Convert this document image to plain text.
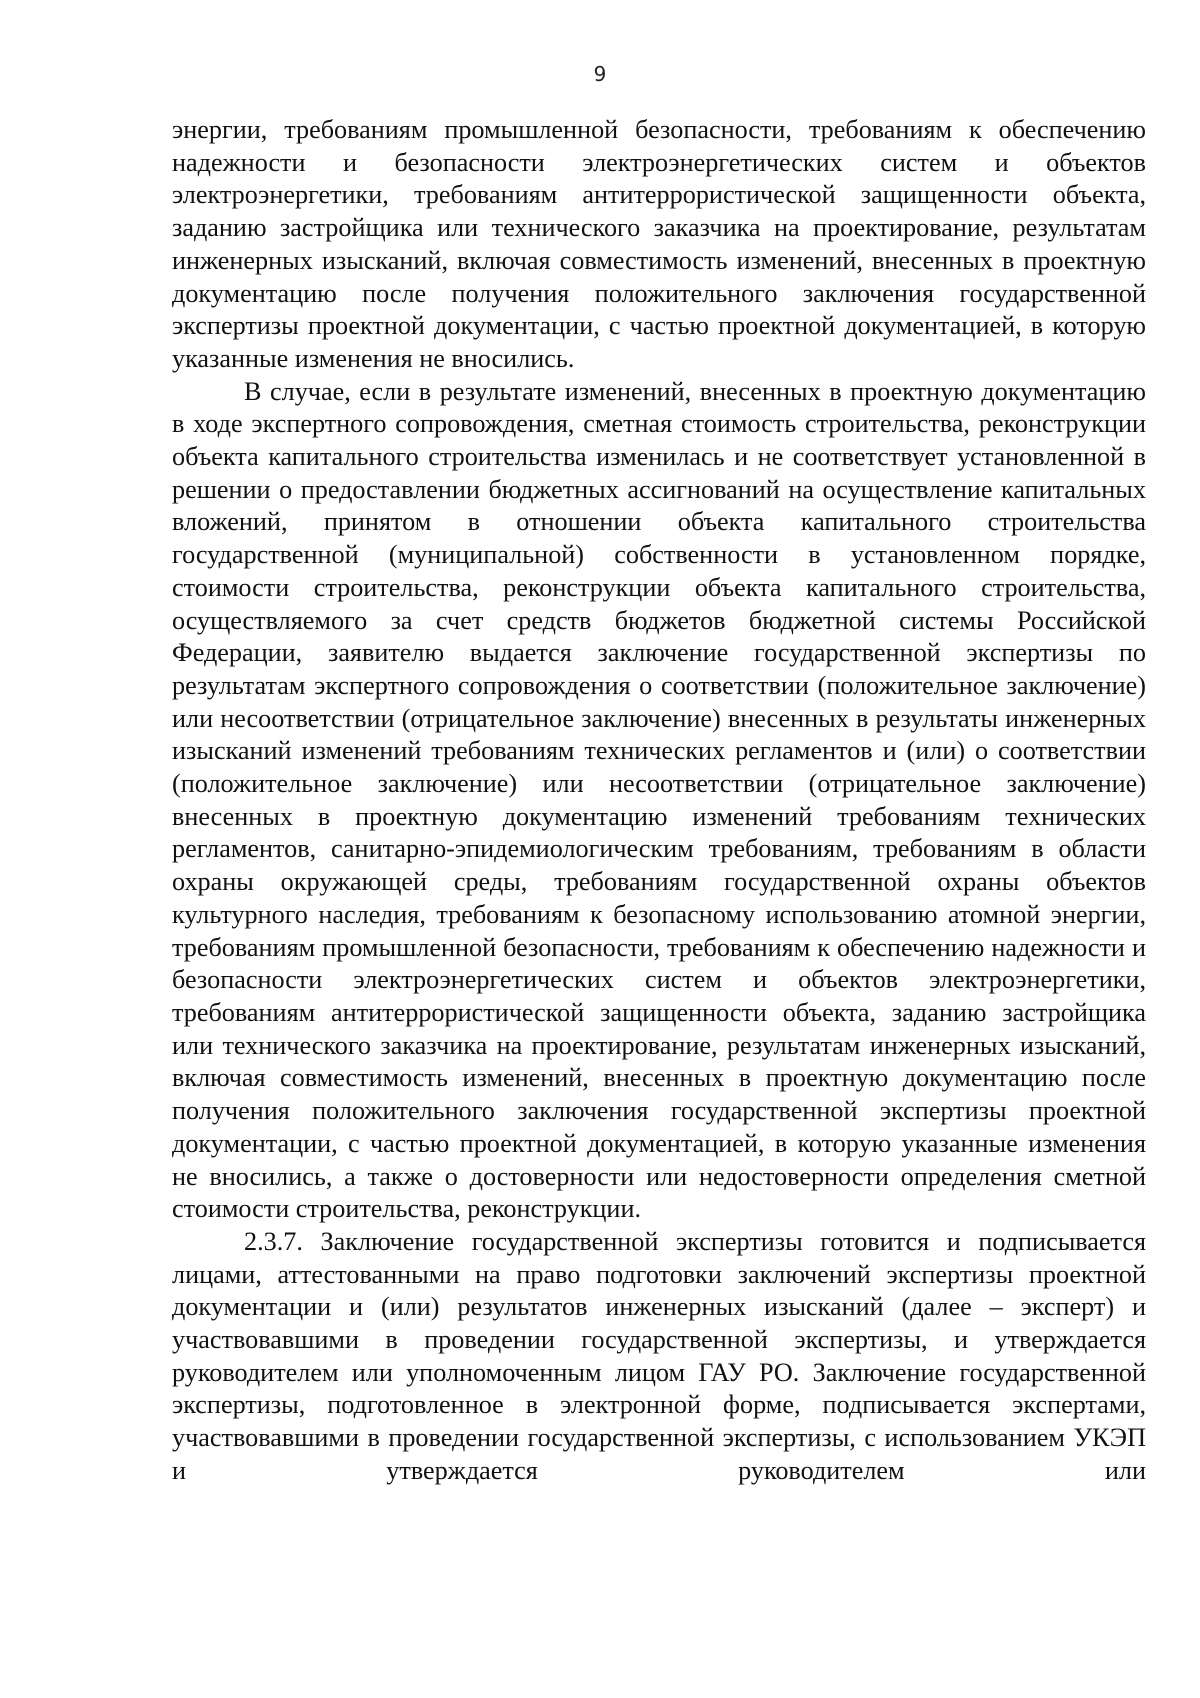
9

энергии, требованиям промышленной безопасности, требованиям к обеспечению надежности и безопасности электроэнергетических систем и объектов электроэнергетики, требованиям антитеррористической защищенности объекта, заданию застройщика или технического заказчика на проектирование, результатам инженерных изысканий, включая совместимость изменений, внесенных в проектную документацию после получения положительного заключения государственной экспертизы проектной документации, с частью проектной документацией, в которую указанные изменения не вносились.

В случае, если в результате изменений, внесенных в проектную документацию в ходе экспертного сопровождения, сметная стоимость строительства, реконструкции объекта капитального строительства изменилась и не соответствует установленной в решении о предоставлении бюджетных ассигнований на осуществление капитальных вложений, принятом в отношении объекта капитального строительства государственной (муниципальной) собственности в установленном порядке, стоимости строительства, реконструкции объекта капитального строительства, осуществляемого за счет средств бюджетов бюджетной системы Российской Федерации, заявителю выдается заключение государственной экспертизы по результатам экспертного сопровождения о соответствии (положительное заключение) или несоответствии (отрицательное заключение) внесенных в результаты инженерных изысканий изменений требованиям технических регламентов и (или) о соответствии (положительное заключение) или несоответствии (отрицательное заключение) внесенных в проектную документацию изменений требованиям технических регламентов, санитарно-эпидемиологическим требованиям, требованиям в области охраны окружающей среды, требованиям государственной охраны объектов культурного наследия, требованиям к безопасному использованию атомной энергии, требованиям промышленной безопасности, требованиям к обеспечению надежности и безопасности электроэнергетических систем и объектов электроэнергетики, требованиям антитеррористической защищенности объекта, заданию застройщика или технического заказчика на проектирование, результатам инженерных изысканий, включая совместимость изменений, внесенных в проектную документацию после получения положительного заключения государственной экспертизы проектной документации, с частью проектной документацией, в которую указанные изменения не вносились, а также о достоверности или недостоверности определения сметной стоимости строительства, реконструкции.

2.3.7. Заключение государственной экспертизы готовится и подписывается лицами, аттестованными на право подготовки заключений экспертизы проектной документации и (или) результатов инженерных изысканий (далее – эксперт) и участвовавшими в проведении государственной экспертизы, и утверждается руководителем или уполномоченным лицом ГАУ РО. Заключение государственной экспертизы, подготовленное в электронной форме, подписывается экспертами, участвовавшими в проведении государственной экспертизы, с использованием УКЭП и утверждается руководителем или
